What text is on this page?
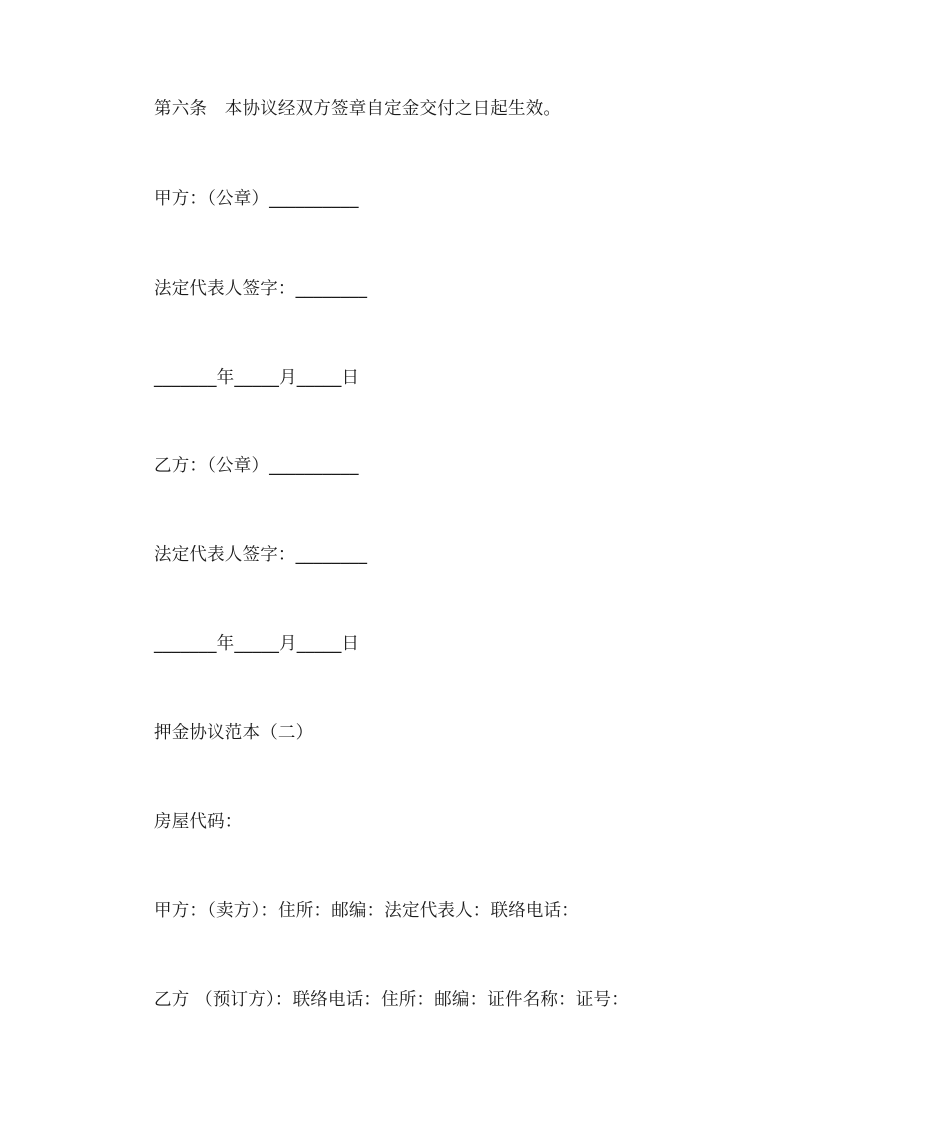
第六条　本协议经双方签章自定金交付之日起生效。
甲方：（公章）__________
法定代表人签字：________
_______年_____月_____日
乙方：（公章）__________
法定代表人签字：________
_______年_____月_____日
押金协议范本（二）
房屋代码：
甲方：（卖方）：住所：邮编：法定代表人：联络电话：
乙方 （预订方）：联络电话：住所：邮编：证件名称：证号：
